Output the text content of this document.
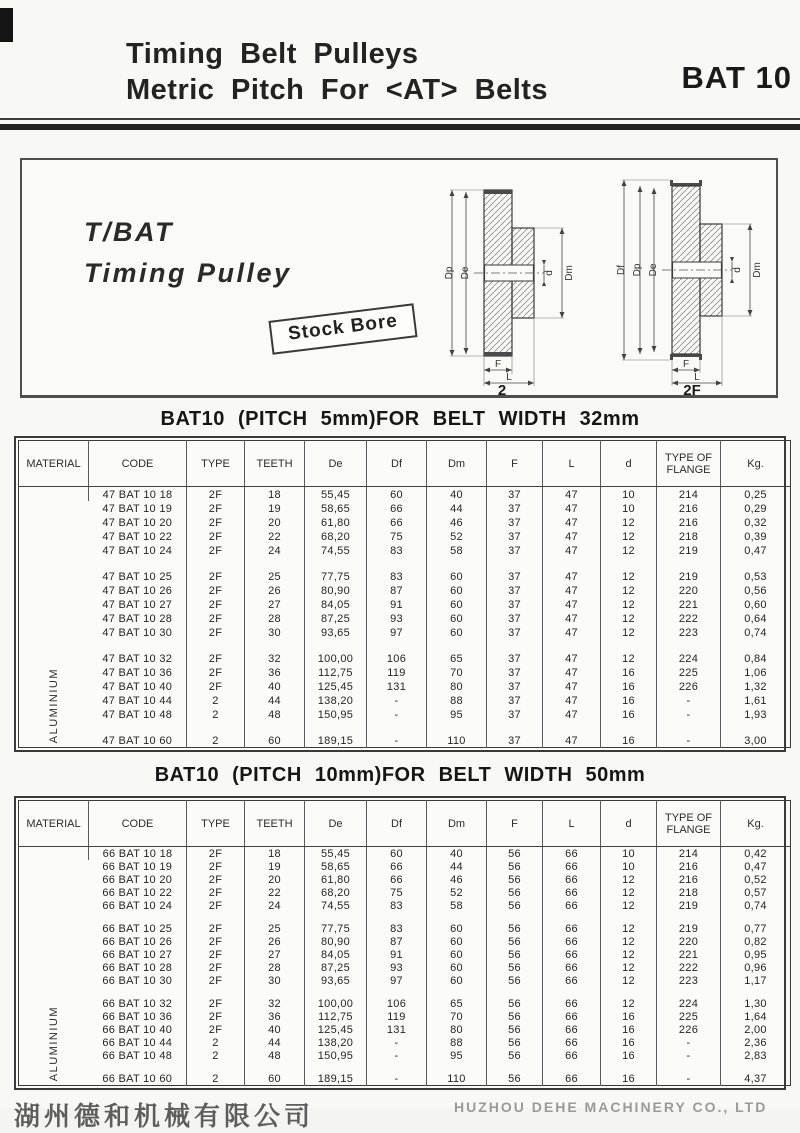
Timing Belt Pulleys
Metric Pitch For <AT> Belts	BAT 10
T/BAT
Timing Pulley
Stock Bore
Dp De	d Dm
F
L
2
Df Dp De	d Dm
F
L
2F
BAT10 (PITCH 5mm)FOR BELT WIDTH 32mm
MATERIAL	CODE	TYPE	TEETH	De	Df	Dm	F	L	d	TYPE OF FLANGE	Kg.
ALUMINIUM	47 BAT 10 18	2F	18	55,45	60	40	37	47	10	214	0,25
	47 BAT 10 19	2F	19	58,65	66	44	37	47	10	216	0,29
	47 BAT 10 20	2F	20	61,80	66	46	37	47	12	216	0,32
	47 BAT 10 22	2F	22	68,20	75	52	37	47	12	218	0,39
	47 BAT 10 24	2F	24	74,55	83	58	37	47	12	219	0,47
	47 BAT 10 25	2F	25	77,75	83	60	37	47	12	219	0,53
	47 BAT 10 26	2F	26	80,90	87	60	37	47	12	220	0,56
	47 BAT 10 27	2F	27	84,05	91	60	37	47	12	221	0,60
	47 BAT 10 28	2F	28	87,25	93	60	37	47	12	222	0,64
	47 BAT 10 30	2F	30	93,65	97	60	37	47	12	223	0,74
	47 BAT 10 32	2F	32	100,00	106	65	37	47	12	224	0,84
	47 BAT 10 36	2F	36	112,75	119	70	37	47	16	225	1,06
	47 BAT 10 40	2F	40	125,45	131	80	37	47	16	226	1,32
	47 BAT 10 44	2	44	138,20	-	88	37	47	16	-	1,61
	47 BAT 10 48	2	48	150,95	-	95	37	47	16	-	1,93
	47 BAT 10 60	2	60	189,15	-	110	37	47	16	-	3,00
BAT10 (PITCH 10mm)FOR BELT WIDTH 50mm
MATERIAL	CODE	TYPE	TEETH	De	Df	Dm	F	L	d	TYPE OF FLANGE	Kg.
ALUMINIUM	66 BAT 10 18	2F	18	55,45	60	40	56	66	10	214	0,42
	66 BAT 10 19	2F	19	58,65	66	44	56	66	10	216	0,47
	66 BAT 10 20	2F	20	61,80	66	46	56	66	12	216	0,52
	66 BAT 10 22	2F	22	68,20	75	52	56	66	12	218	0,57
	66 BAT 10 24	2F	24	74,55	83	58	56	66	12	219	0,74
	66 BAT 10 25	2F	25	77,75	83	60	56	66	12	219	0,77
	66 BAT 10 26	2F	26	80,90	87	60	56	66	12	220	0,82
	66 BAT 10 27	2F	27	84,05	91	60	56	66	12	221	0,95
	66 BAT 10 28	2F	28	87,25	93	60	56	66	12	222	0,96
	66 BAT 10 30	2F	30	93,65	97	60	56	66	12	223	1,17
	66 BAT 10 32	2F	32	100,00	106	65	56	66	12	224	1,30
	66 BAT 10 36	2F	36	112,75	119	70	56	66	16	225	1,64
	66 BAT 10 40	2F	40	125,45	131	80	56	66	16	226	2,00
	66 BAT 10 44	2	44	138,20	-	88	56	66	16	-	2,36
	66 BAT 10 48	2	48	150,95	-	95	56	66	16	-	2,83
	66 BAT 10 60	2	60	189,15	-	110	56	66	16	-	4,37
湖州德和机械有限公司	HUZHOU DEHE MACHINERY CO., LTD
